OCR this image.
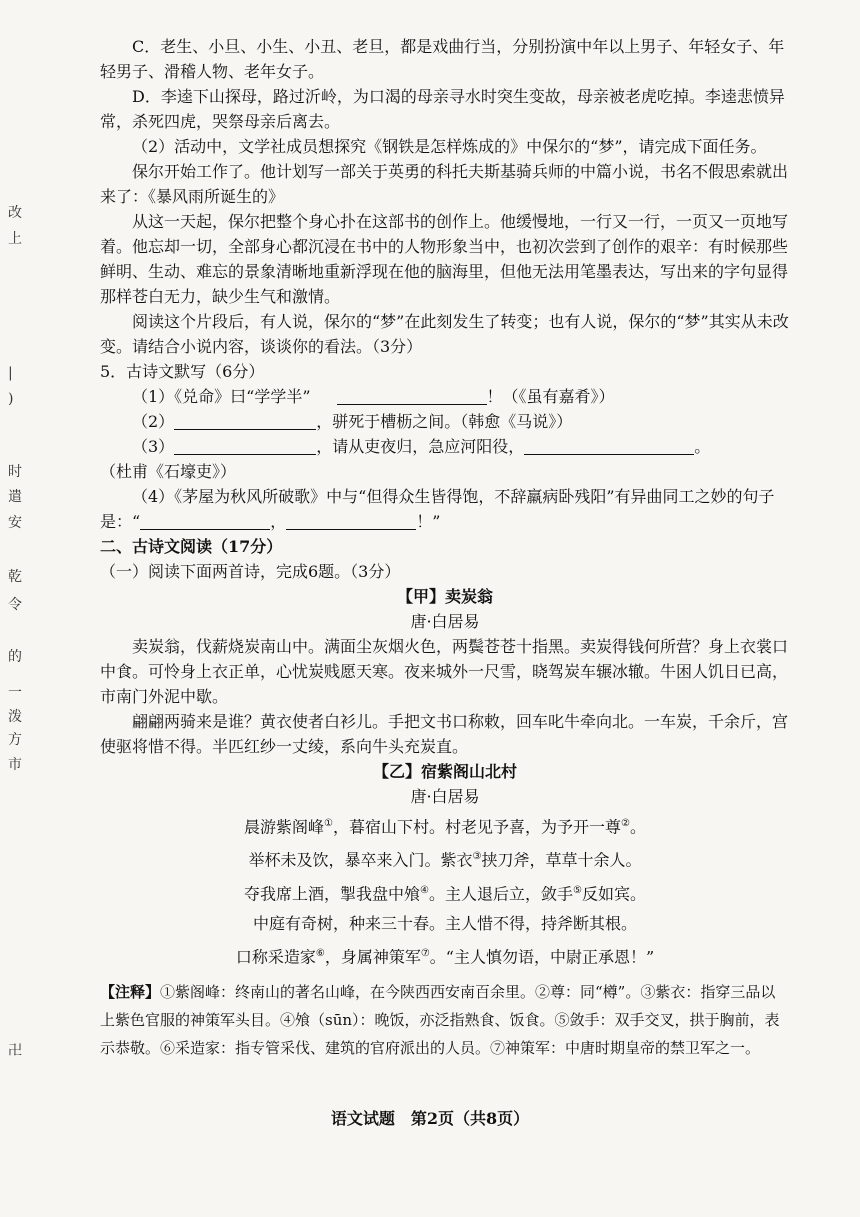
改
上
|
)
时
遣
安
乾
令
的
一
泼
方
市
卍

C．老生、小旦、小生、小丑、老旦，都是戏曲行当，分别扮演中年以上男子、年轻女子、年轻男子、滑稽人物、老年女子。

D．李逵下山探母，路过沂岭，为口渴的母亲寻水时突生变故，母亲被老虎吃掉。李逵悲愤异常，杀死四虎，哭祭母亲后离去。

（2）活动中，文学社成员想探究《钢铁是怎样炼成的》中保尔的“梦”，请完成下面任务。

保尔开始工作了。他计划写一部关于英勇的科托夫斯基骑兵师的中篇小说，书名不假思索就出来了：《暴风雨所诞生的》

从这一天起，保尔把整个身心扑在这部书的创作上。他缓慢地，一行又一行，一页又一页地写着。他忘却一切，全部身心都沉浸在书中的人物形象当中，也初次尝到了创作的艰辛：有时候那些鲜明、生动、难忘的景象清晰地重新浮现在他的脑海里，但他无法用笔墨表达，写出来的字句显得那样苍白无力，缺少生气和激情。

阅读这个片段后，有人说，保尔的“梦”在此刻发生了转变；也有人说，保尔的“梦”其实从未改变。请结合小说内容，谈谈你的看法。（3分）

5．古诗文默写（6分）

（1）《兑命》曰“学学半”	！（《虽有嘉肴》）

（2）	，骈死于槽枥之间。（韩愈《马说》）

（3）	，请从吏夜归，急应河阳役，	。

（杜甫《石壕吏》）

（4）《茅屋为秋风所破歌》中与“但得众生皆得饱，不辞羸病卧残阳”有异曲同工之妙的句子是：“	，	！”

二、古诗文阅读（17分）

（一）阅读下面两首诗，完成6题。（3分）

【甲】卖炭翁

唐·白居易

卖炭翁，伐薪烧炭南山中。满面尘灰烟火色，两鬓苍苍十指黑。卖炭得钱何所营？身上衣裳口中食。可怜身上衣正单，心忧炭贱愿天寒。夜来城外一尺雪，晓驾炭车辗冰辙。牛困人饥日已高，市南门外泥中歇。

翩翩两骑来是谁？黄衣使者白衫儿。手把文书口称敕，回车叱牛牵向北。一车炭，千余斤，宫使驱将惜不得。半匹红纱一丈绫，系向牛头充炭直。

【乙】宿紫阁山北村

唐·白居易

晨游紫阁峰①，暮宿山下村。村老见予喜，为予开一尊②。
举杯未及饮，暴卒来入门。紫衣③挟刀斧，草草十余人。
夺我席上酒，掣我盘中飧④。主人退后立，敛手⑤反如宾。
中庭有奇树，种来三十春。主人惜不得，持斧断其根。
口称采造家⑥，身属神策军⑦。“主人慎勿语，中尉正承恩！”

【注释】①紫阁峰：终南山的著名山峰，在今陕西西安南百余里。②尊：同“樽”。③紫衣：指穿三品以上紫色官服的神策军头目。④飧（sūn）：晚饭，亦泛指熟食、饭食。⑤敛手：双手交叉，拱于胸前，表示恭敬。⑥采造家：指专管采伐、建筑的官府派出的人员。⑦神策军：中唐时期皇帝的禁卫军之一。

语文试题　第2页（共8页）
